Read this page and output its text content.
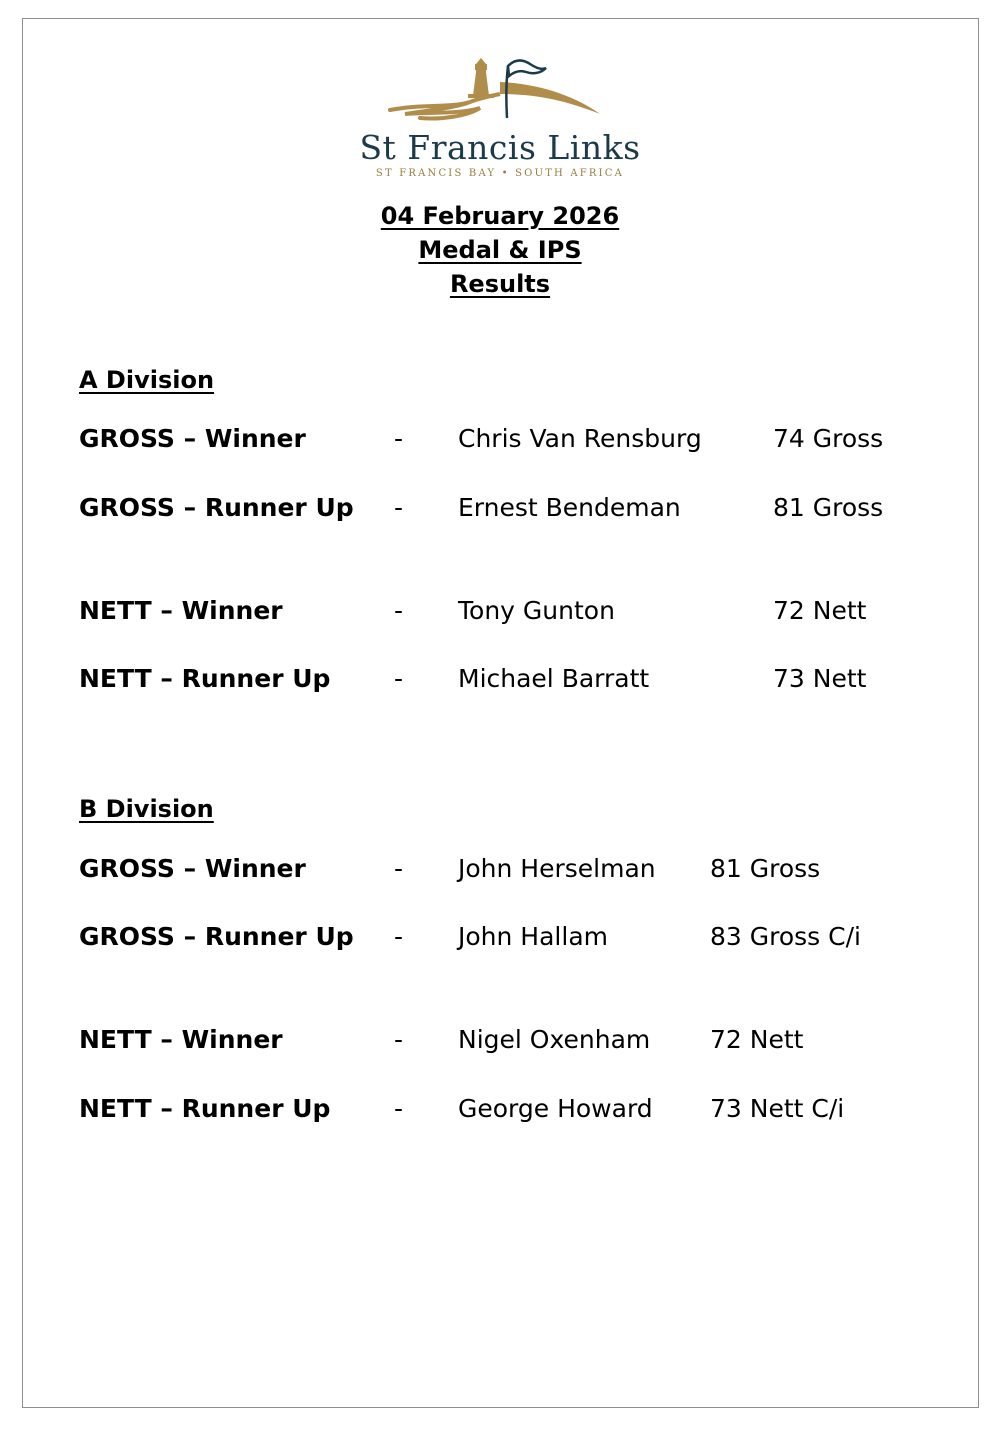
St Francis Links
ST FRANCIS BAY • SOUTH AFRICA
04 February 2026
Medal & IPS
Results
A Division
GROSS – Winner	- Chris Van Rensburg	74 Gross
GROSS – Runner Up - Ernest Bendeman	81 Gross
NETT – Winner	- Tony Gunton	72 Nett
NETT – Runner Up	- Michael Barratt	73 Nett
B Division
GROSS – Winner	- John Herselman 81 Gross
GROSS – Runner Up - John Hallam	83 Gross C/i
NETT – Winner	- Nigel Oxenham 72 Nett
NETT – Runner Up	- George Howard 73 Nett C/i
